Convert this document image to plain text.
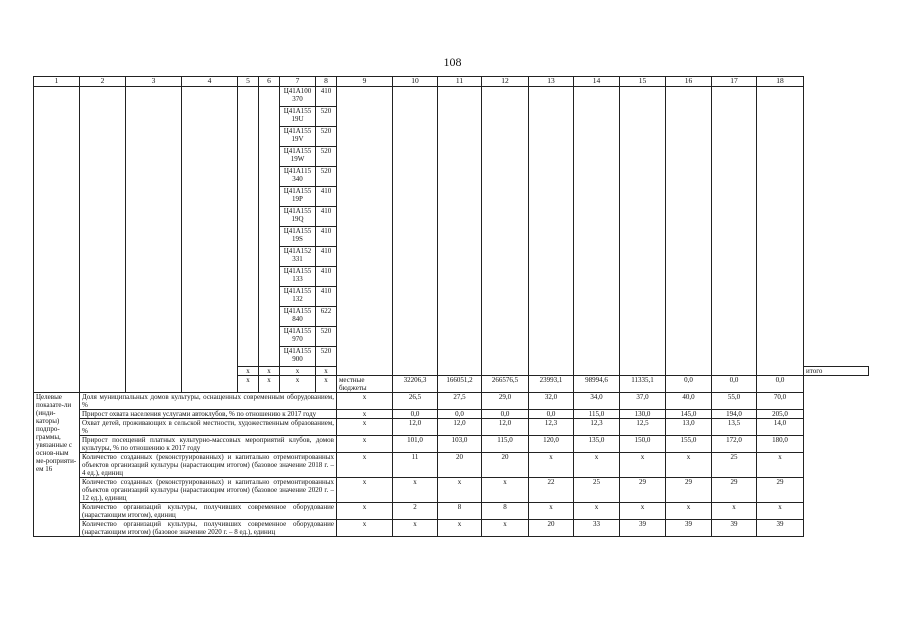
108
1	2	3	4	5	6	7	8	9	10	11	12	13	14	15	16	17	18	
						Ц41А100 370	410											
						Ц41А155 19U	520											
						Ц41А155 19V	520											
						Ц41А155 19W	520											
						Ц41А115 340	520											
						Ц41А155 19P	410											
						Ц41А155 19Q	410											
						Ц41А155 19S	410											
						Ц41А152 331	410											
						Ц41А155 133	410											
						Ц41А155 132	410											
						Ц41А155 840	622											
						Ц41А155 970	520											
						Ц41А155 900	520											
				х	х	х	х											итого
				х	х	х	х	местные бюджеты	32206,3	166051,2	266576,5	23993,1	98994,6	11335,1	0,0	0,0	0,0	
Целевые показате-ли (инди-каторы) подпро-граммы, увязанные с основ-ным ме-роприяти-ем 16	Доля муниципальных домов культуры, оснащенных современным оборудованием, %							х	26,5	27,5	29,0	32,0	34,0	37,0	40,0	55,0	70,0	
	Прирост охвата населения услугами автоклубов, % по отношению к 2017 году							х	0,0	0,0	0,0	0,0	115,0	130,0	145,0	194,0	205,0	
	Охват детей, проживающих в сельской местности, художественным образованием, %							х	12,0	12,0	12,0	12,3	12,3	12,5	13,0	13,5	14,0	
	Прирост посещений платных культурно-массовых мероприятий клубов, домов культуры, % по отношению к 2017 году							х	101,0	103,0	115,0	120,0	135,0	150,0	155,0	172,0	180,0	
	Количество созданных (реконструированных) и капитально отремонтированных объектов организаций культуры (нарастающим итогом) (базовое значение 2018 г. – 4 ед.), единиц							х	11	20	20	х	х	х	х	25	х	
	Количество созданных (реконструированных) и капитально отремонтированных объектов организаций культуры (нарастающим итогом) (базовое значение 2020 г. – 12 ед.), единиц							х	х	х	х	22	25	29	29	29	29	
	Количество организаций культуры, получивших современное оборудование (нарастающим итогом), единиц							х	2	8	8	х	х	х	х	х	х	
	Количество организаций культуры, получивших современное оборудование (нарастающим итогом) (базовое значение 2020 г. – 8 ед.), единиц							х	х	х	х	20	33	39	39	39	39	
